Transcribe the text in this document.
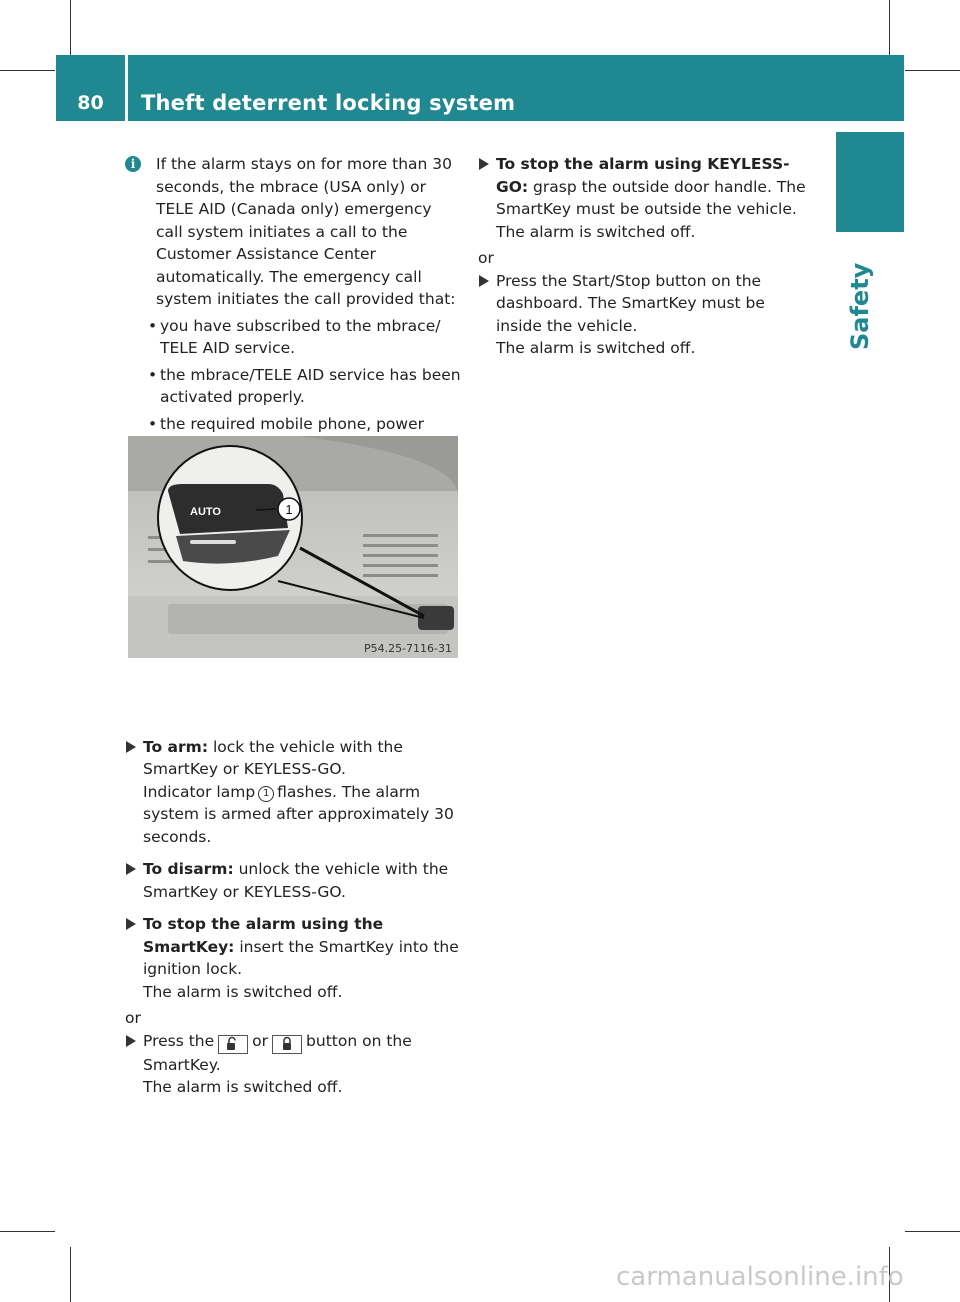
80	Theft deterrent locking system
Safety

i	If the alarm stays on for more than 30 seconds, the mbrace (USA only) or TELE AID (Canada only) emergency call system initiates a call to the Customer Assistance Center automatically. The emergency call system initiates the call provided that:

• you have subscribed to the mbrace/ TELE AID service.

• the mbrace/TELE AID service has been activated properly.

• the required mobile phone, power

To arm: lock the vehicle with the SmartKey or KEYLESS-GO.
Indicator lamp 1 flashes. The alarm system is armed after approximately 30 seconds.

To disarm: unlock the vehicle with the SmartKey or KEYLESS-GO.

To stop the alarm using the SmartKey: insert the SmartKey into the ignition lock.
The alarm is switched off.

or

Press the or button on the SmartKey.
The alarm is switched off.

AUTO	1
P54.25-7116-31

To stop the alarm using KEYLESS-GO: grasp the outside door handle. The SmartKey must be outside the vehicle.
The alarm is switched off.

or

Press the Start/Stop button on the dashboard. The SmartKey must be inside the vehicle.
The alarm is switched off.

carmanualsonline.info
